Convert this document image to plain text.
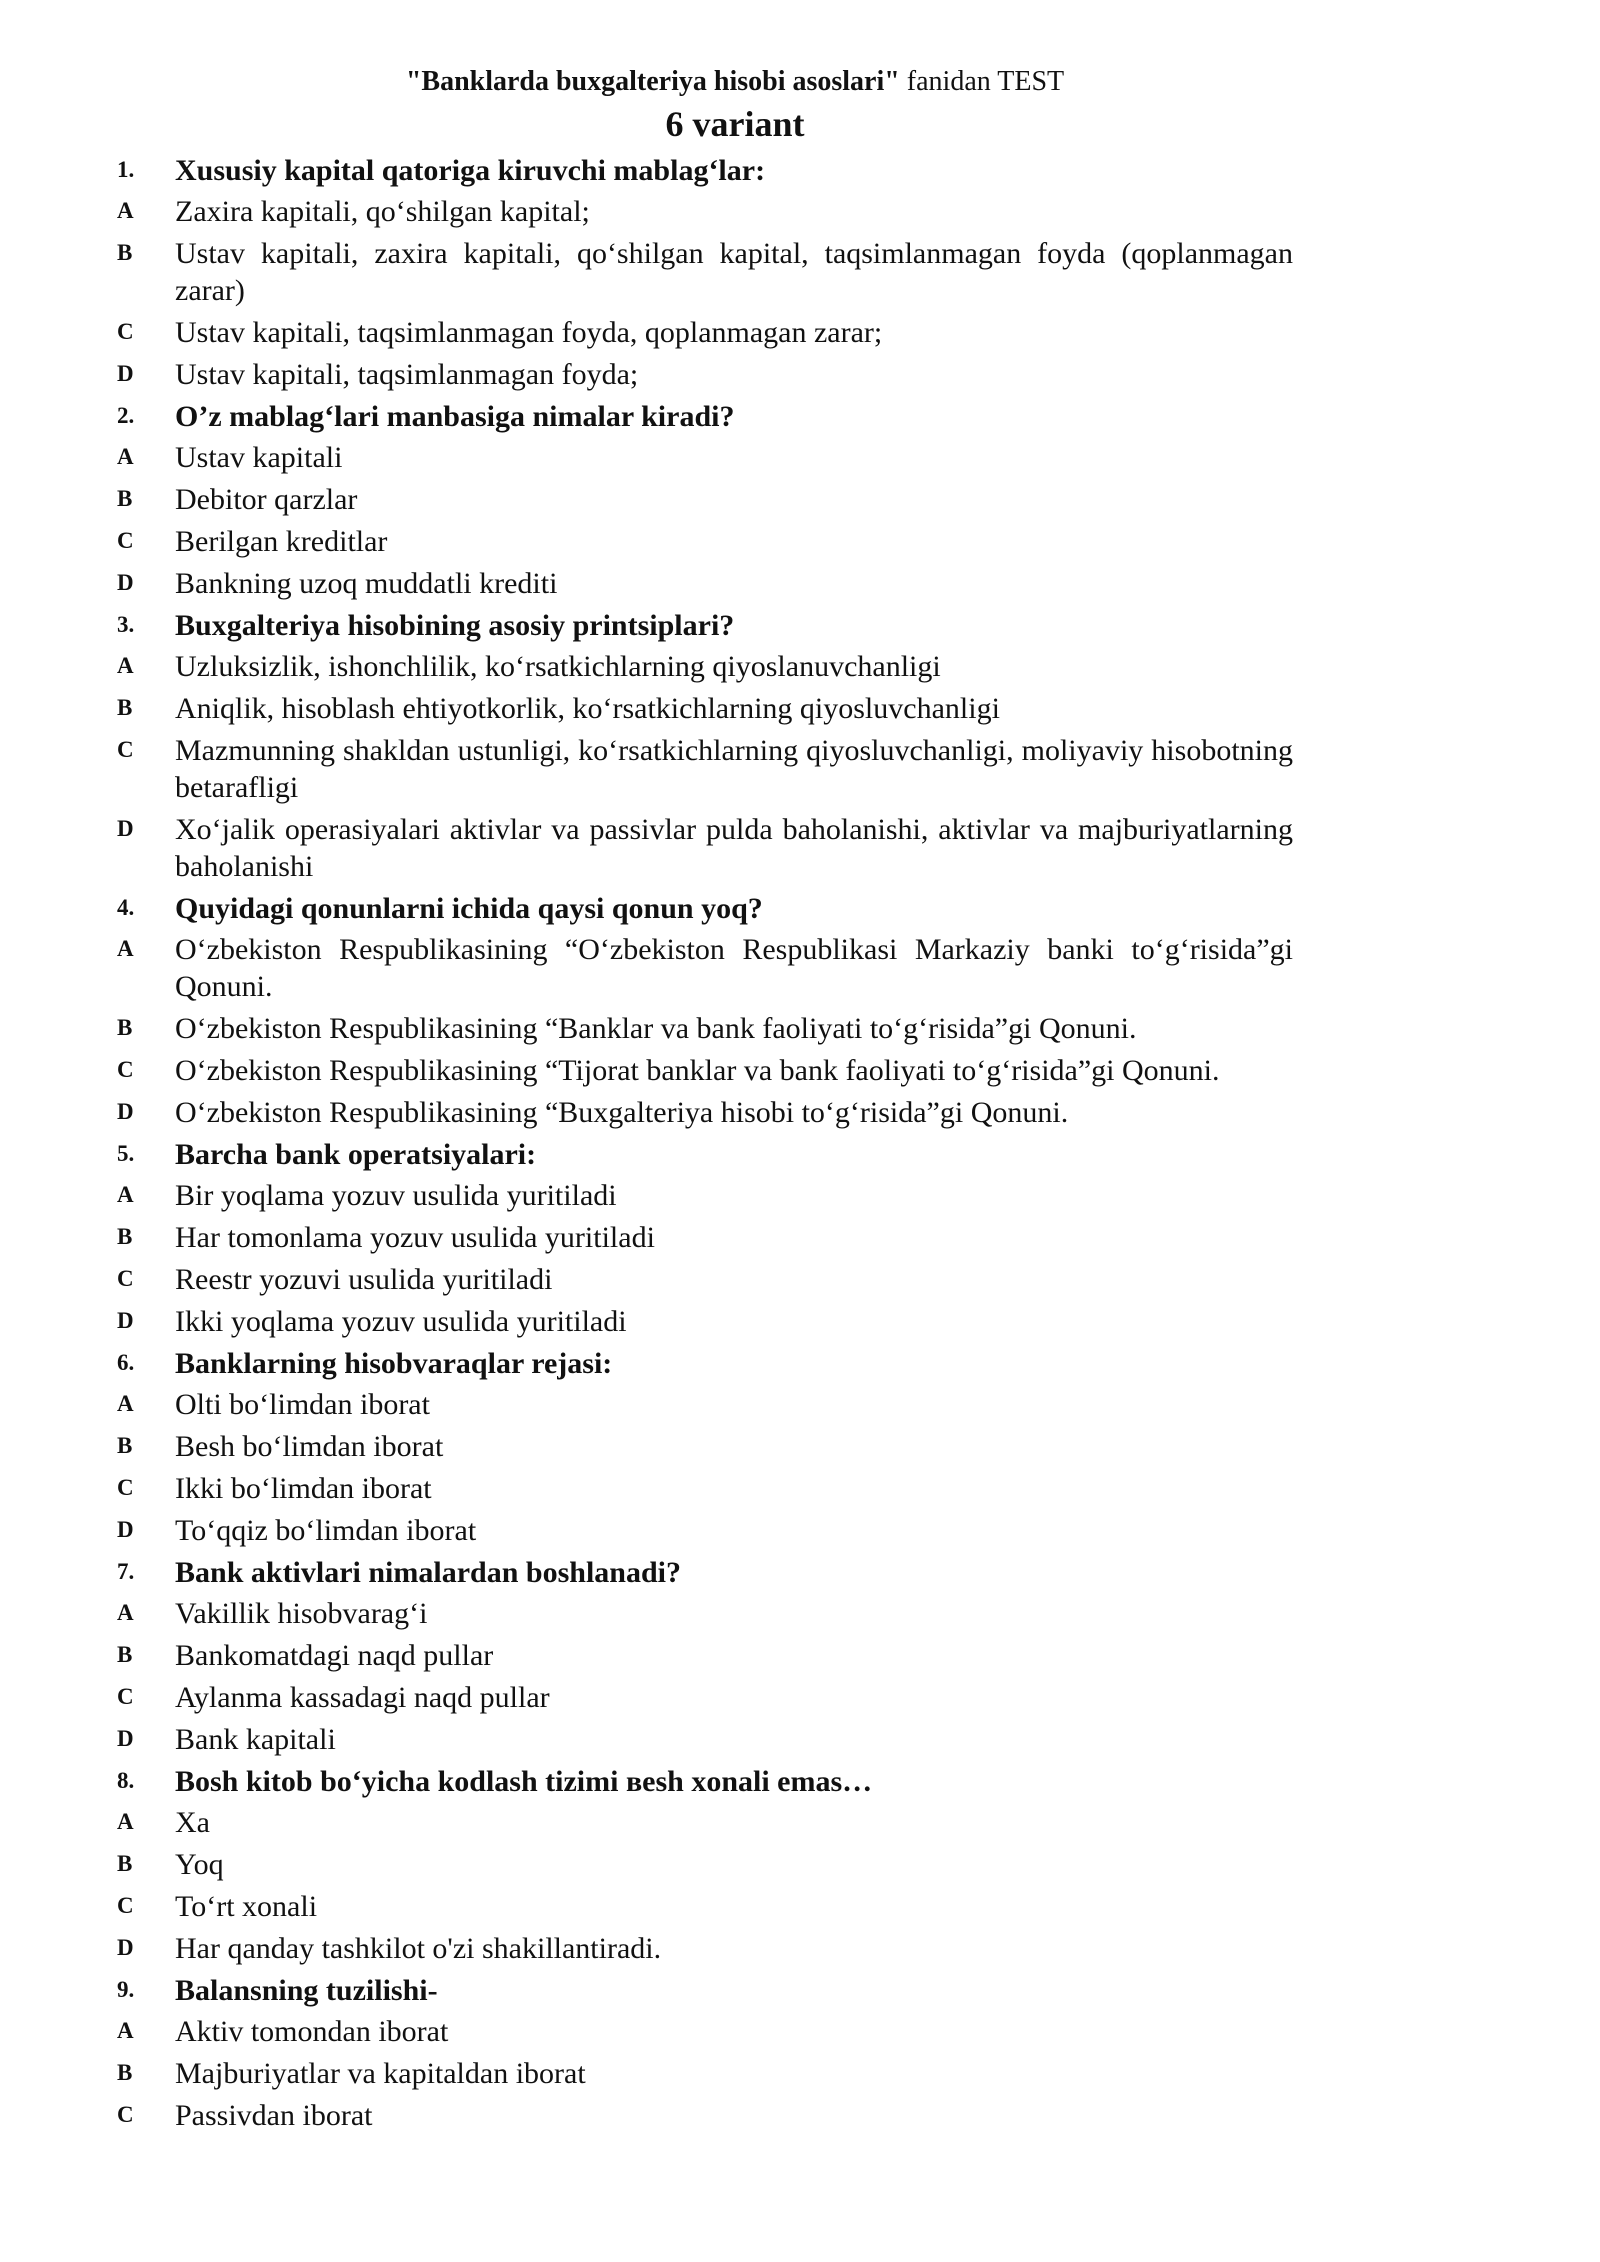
"Banklarda buxgalteriya hisobi asoslari" fanidan TEST
6 variant
1. Xususiy kapital qatoriga kiruvchi mablag‘lar:
A Zaxira kapitali, qo‘shilgan kapital;
B Ustav kapitali, zaxira kapitali, qo‘shilgan kapital, taqsimlanmagan foyda (qoplanmagan zarar)
C Ustav kapitali, taqsimlanmagan foyda, qoplanmagan zarar;
D Ustav kapitali, taqsimlanmagan foyda;
2. O’z mablag‘lari manbasiga nimalar kiradi?
A Ustav kapitali
B Debitor qarzlar
C Berilgan kreditlar
D Bankning uzoq muddatli krediti
3. Buxgalteriya hisobining asosiy printsiplari?
A Uzluksizlik, ishonchlilik, ko‘rsatkichlarning qiyoslanuvchanligi
B Aniqlik, hisoblash ehtiyotkorlik, ko‘rsatkichlarning qiyosluvchanligi
C Mazmunning shakldan ustunligi, ko‘rsatkichlarning qiyosluvchanligi, moliyaviy hisobotning betarafligi
D Xo‘jalik operasiyalari aktivlar va passivlar pulda baholanishi, aktivlar va majburiyatlarning baholanishi
4. Quyidagi qonunlarni ichida qaysi qonun yoq?
A O‘zbekiston Respublikasining “O‘zbekiston Respublikasi Markaziy banki to‘g‘risida”gi Qonuni.
B O‘zbekiston Respublikasining “Banklar va bank faoliyati to‘g‘risida”gi Qonuni.
C O‘zbekiston Respublikasining “Tijorat banklar va bank faoliyati to‘g‘risida”gi Qonuni.
D O‘zbekiston Respublikasining “Buxgalteriya hisobi to‘g‘risida”gi Qonuni.
5. Barcha bank operatsiyalari:
A Bir yoqlama yozuv usulida yuritiladi
B Har tomonlama yozuv usulida yuritiladi
C Reestr yozuvi usulida yuritiladi
D Ikki yoqlama yozuv usulida yuritiladi
6. Banklarning hisobvaraqlar rejasi:
A Olti bo‘limdan iborat
B Besh bo‘limdan iborat
C Ikki bo‘limdan iborat
D To‘qqiz bo‘limdan iborat
7. Bank aktivlari nimalardan boshlanadi?
A Vakillik hisobvarag‘i
B Bankomatdagi naqd pullar
C Aylanma kassadagi naqd pullar
D Bank kapitali
8. Bosh kitob bo‘yicha kodlash tizimi вesh xonali emas…
A Xa
B Yoq
C To‘rt xonali
D Har qanday tashkilot o'zi shakillantiradi.
9. Balansning tuzilishi-
A Aktiv tomondan iborat
B Majburiyatlar va kapitaldan iborat
C Passivdan iborat
